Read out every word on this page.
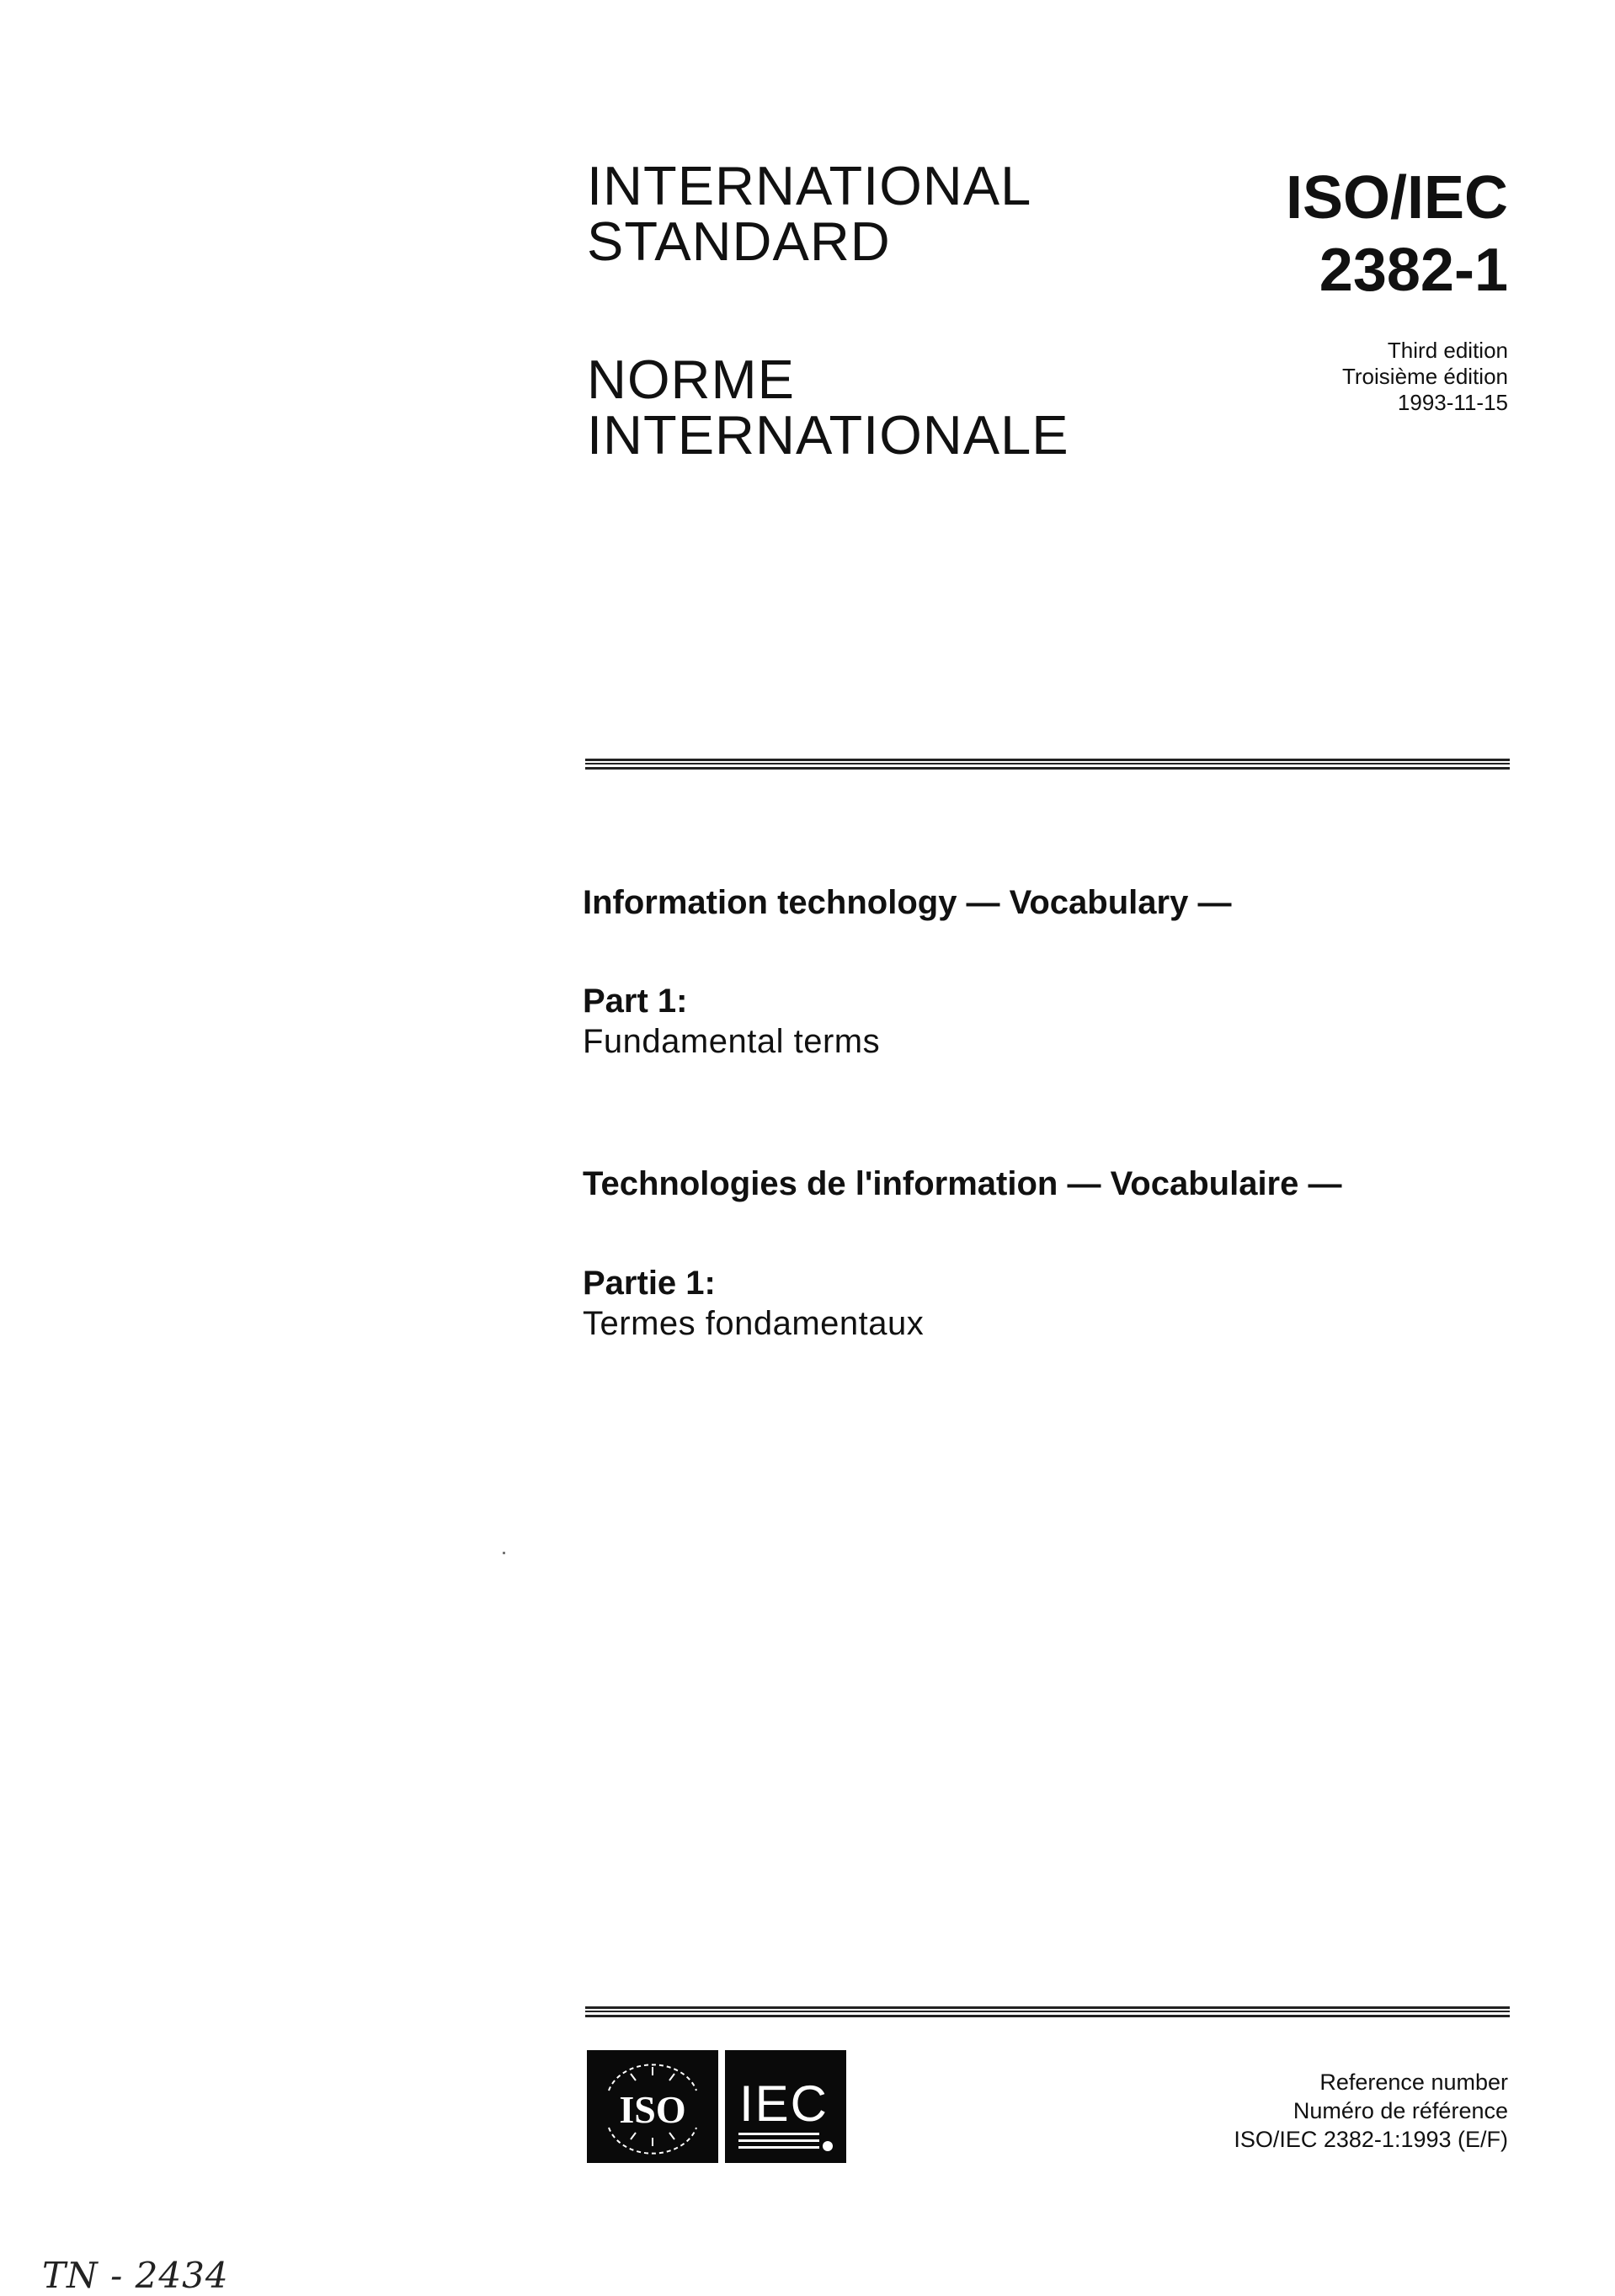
INTERNATIONAL
STANDARD
NORME
INTERNATIONALE
ISO/IEC
2382-1
Third edition
Troisième édition
1993-11-15
Information technology — Vocabulary —
Part 1:
Fundamental terms
Technologies de l'information — Vocabulaire —
Partie 1:
Termes fondamentaux
ISO IEC	Reference number
Numéro de référence
ISO/IEC 2382-1:1993 (E/F)
TN - 2434
